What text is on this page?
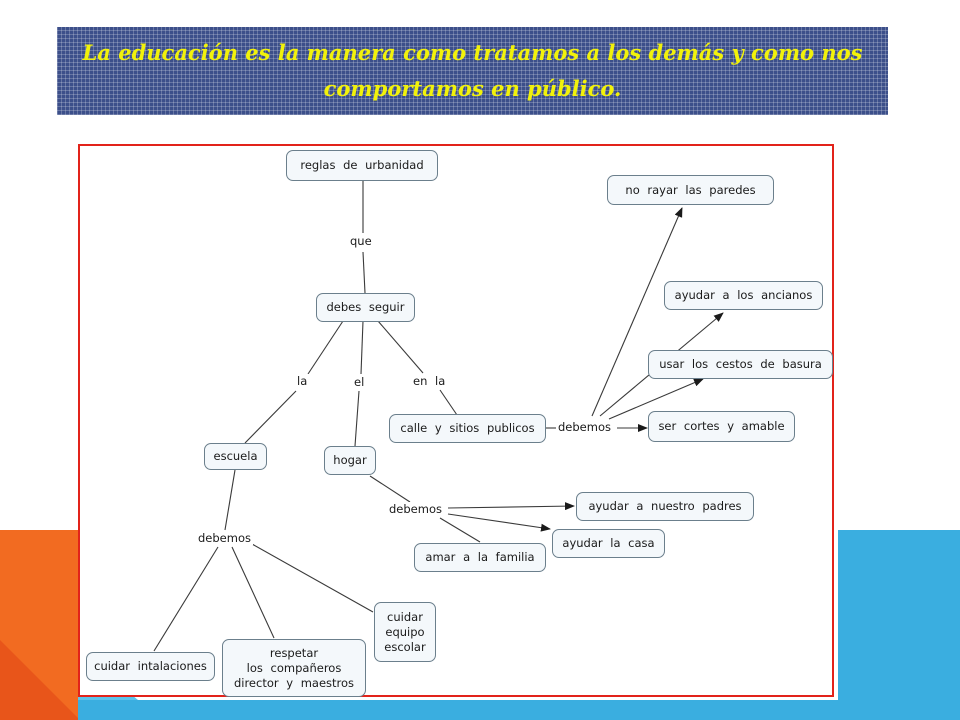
La educación es la manera como tratamos a los demás y como nos comportamos en público.
reglas de urbanidad
debes seguir
calle y sitios publicos
escuela	hogar
no rayar las paredes
ayudar a los ancianos
usar los cestos de basura
ser cortes y amable
ayudar a nuestro padres
ayudar la casa
amar a la familia
cuidar intalaciones
respetar
los compañeros
director y maestros
cuidar
equipo
escolar
que
la	el	en la
debemos
debemos
debemos
